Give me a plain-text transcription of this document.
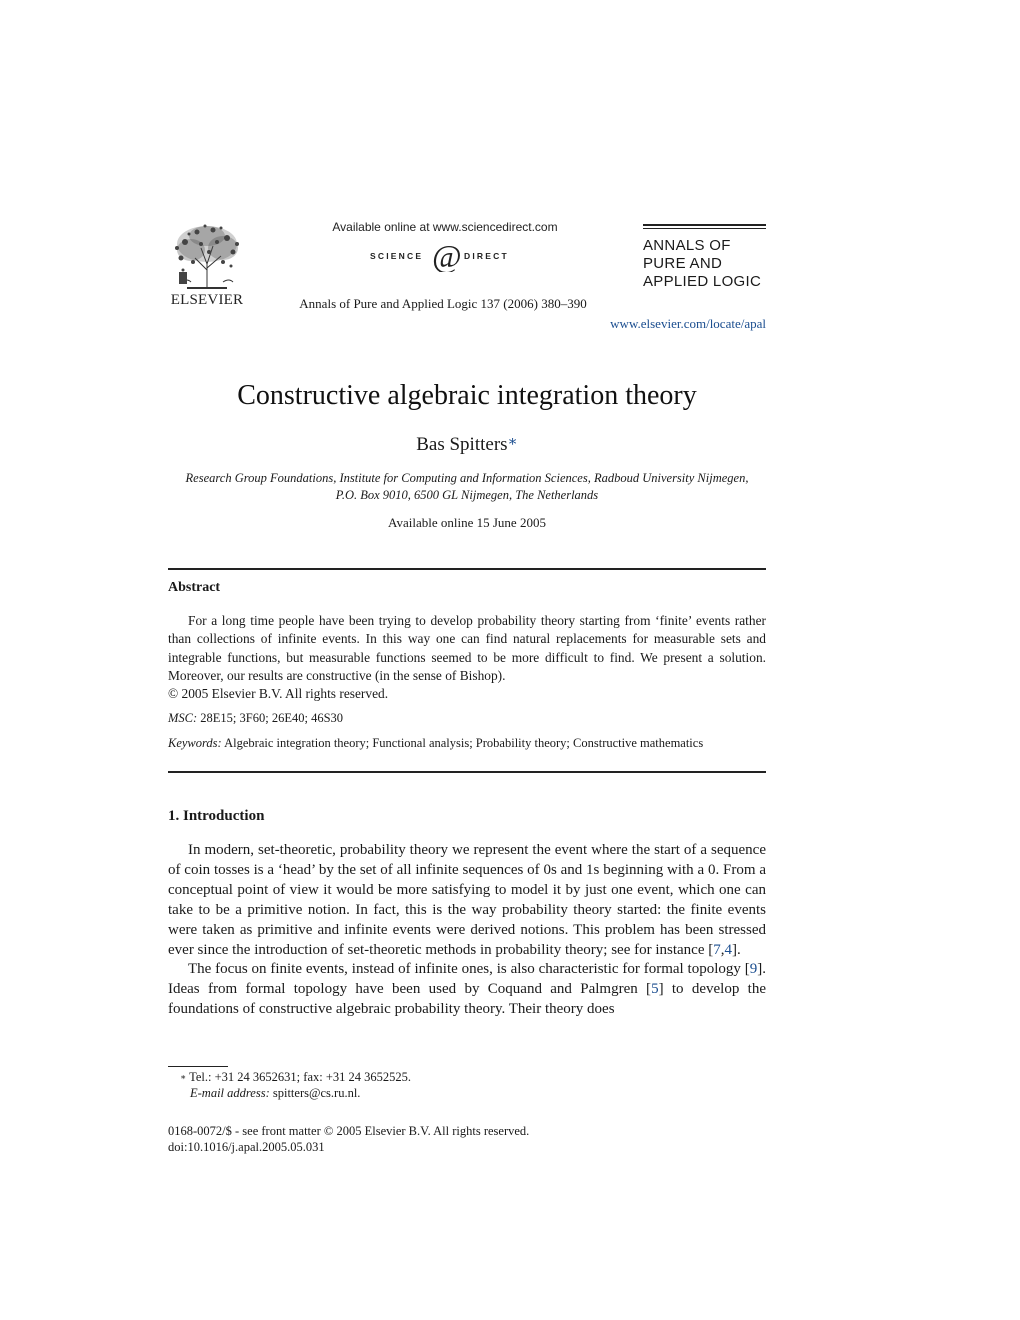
ELSEVIER
Available online at www.sciencedirect.com
SCIENCE @ DIRECT
Annals of Pure and Applied Logic 137 (2006) 380–390
ANNALS OF
PURE AND
APPLIED LOGIC
www.elsevier.com/locate/apal
Constructive algebraic integration theory
Bas Spitters∗
Research Group Foundations, Institute for Computing and Information Sciences, Radboud University Nijmegen,
P.O. Box 9010, 6500 GL Nijmegen, The Netherlands
Available online 15 June 2005
Abstract

For a long time people have been trying to develop probability theory starting from ‘finite’ events rather than collections of infinite events. In this way one can find natural replacements for measurable sets and integrable functions, but measurable functions seemed to be more difficult to find. We present a solution. Moreover, our results are constructive (in the sense of Bishop).

© 2005 Elsevier B.V. All rights reserved.

MSC: 28E15; 3F60; 26E40; 46S30
Keywords: Algebraic integration theory; Functional analysis; Probability theory; Constructive mathematics
1. Introduction

In modern, set-theoretic, probability theory we represent the event where the start of a sequence of coin tosses is a ‘head’ by the set of all infinite sequences of 0s and 1s beginning with a 0. From a conceptual point of view it would be more satisfying to model it by just one event, which one can take to be a primitive notion. In fact, this is the way probability theory started: the finite events were taken as primitive and infinite events were derived notions. This problem has been stressed ever since the introduction of set-theoretic methods in probability theory; see for instance [7,4].

The focus on finite events, instead of infinite ones, is also characteristic for formal topology [9]. Ideas from formal topology have been used by Coquand and Palmgren [5] to develop the foundations of constructive algebraic probability theory. Their theory does

∗ Tel.: +31 24 3652631; fax: +31 24 3652525.
E-mail address: spitters@cs.ru.nl.
0168-0072/$ - see front matter © 2005 Elsevier B.V. All rights reserved.
doi:10.1016/j.apal.2005.05.031
